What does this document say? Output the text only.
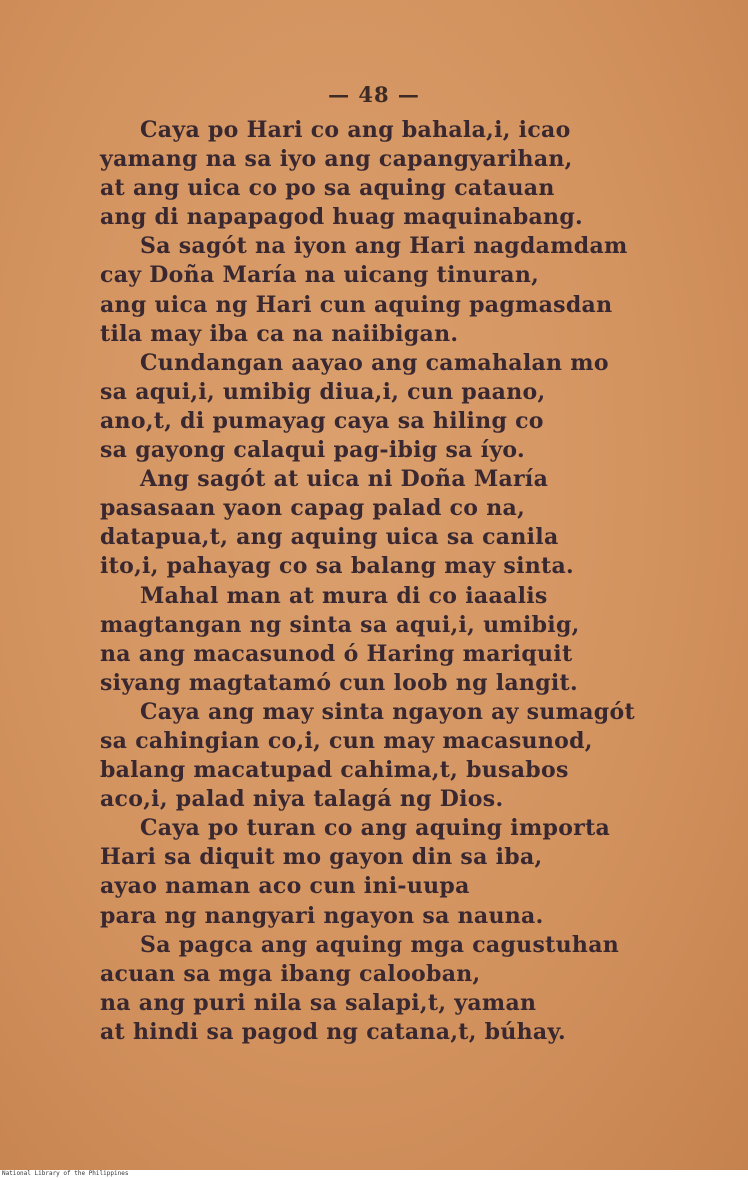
— 48 —
Caya po Hari co ang bahala,i, icao
yamang na sa iyo ang capangyarihan,
at ang uica co po sa aquing catauan
ang di napapagod huag maquinabang.
Sa sagót na iyon ang Hari nagdamdam
cay Doña María na uicang tinuran,
ang uica ng Hari cun aquing pagmasdan
tila may iba ca na naiibigan.
Cundangan aayao ang camahalan mo
sa aqui,i, umibig diua,i, cun paano,
ano,t, di pumayag caya sa hiling co
sa gayong calaqui pag-ibig sa íyo.
Ang sagót at uica ni Doña María
pasasaan yaon capag palad co na,
datapua,t, ang aquing uica sa canila
ito,i, pahayag co sa balang may sinta.
Mahal man at mura di co iaaalis
magtangan ng sinta sa aqui,i, umibig,
na ang macasunod ó Haring mariquit
siyang magtatamó cun loob ng langit.
Caya ang may sinta ngayon ay sumagót
sa cahingian co,i, cun may macasunod,
balang macatupad cahima,t, busabos
aco,i, palad niya talagá ng Dios.
Caya po turan co ang aquing importa
Hari sa diquit mo gayon din sa iba,
ayao naman aco cun ini-uupa
para ng nangyari ngayon sa nauna.
Sa pagca ang aquing mga cagustuhan
acuan sa mga ibang calooban,
na ang puri nila sa salapi,t, yaman
at hindi sa pagod ng catana,t, búhay.
National Library of the Philippines
